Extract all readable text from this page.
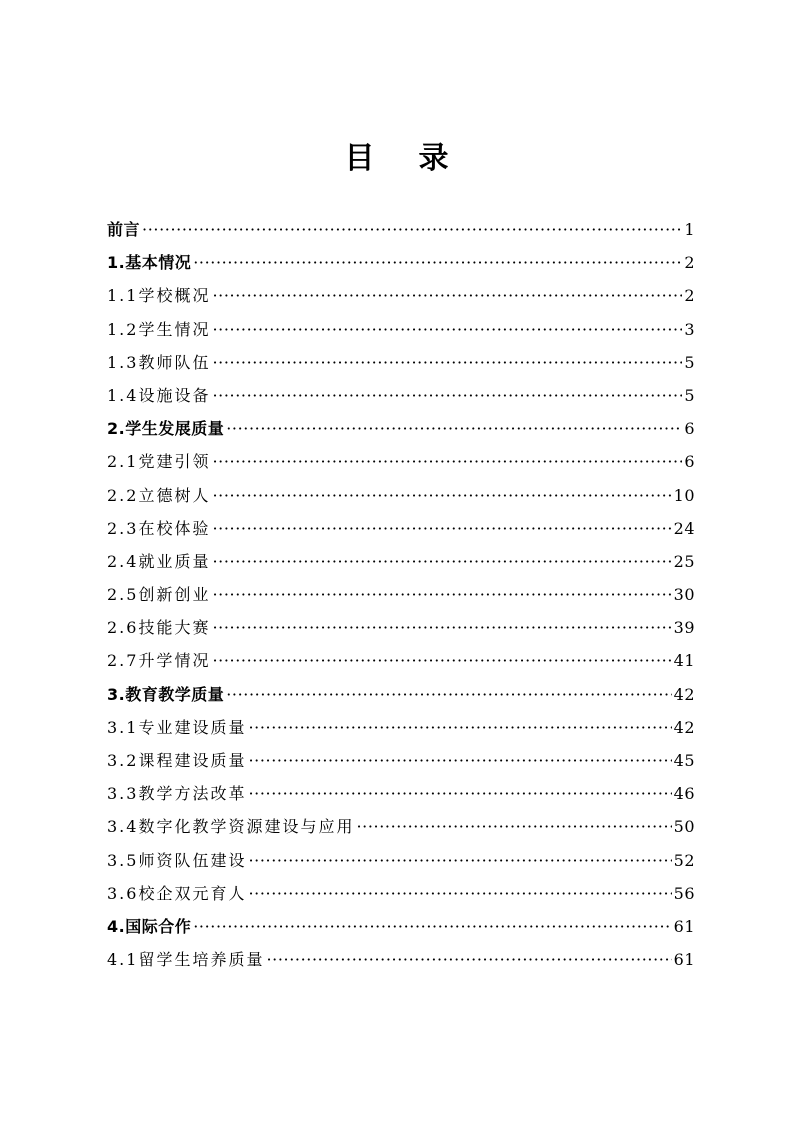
目录
前言 ·····	1
1.基本情况 ·····	2
1.1学校概况 ·····	2
1.2学生情况 ·····	3
1.3教师队伍 ·····	5
1.4设施设备 ·····	5
2.学生发展质量 ·····	6
2.1党建引领 ·····	6
2.2立德树人 ·····	10
2.3在校体验 ·····	24
2.4就业质量 ·····	25
2.5创新创业 ·····	30
2.6技能大赛 ·····	39
2.7升学情况 ·····	41
3.教育教学质量 ·····	42
3.1专业建设质量 ·····	42
3.2课程建设质量 ·····	45
3.3教学方法改革 ·····	46
3.4数字化教学资源建设与应用 ·····	50
3.5师资队伍建设 ·····	52
3.6校企双元育人 ·····	56
4.国际合作 ·····	61
4.1留学生培养质量 ·····	61
